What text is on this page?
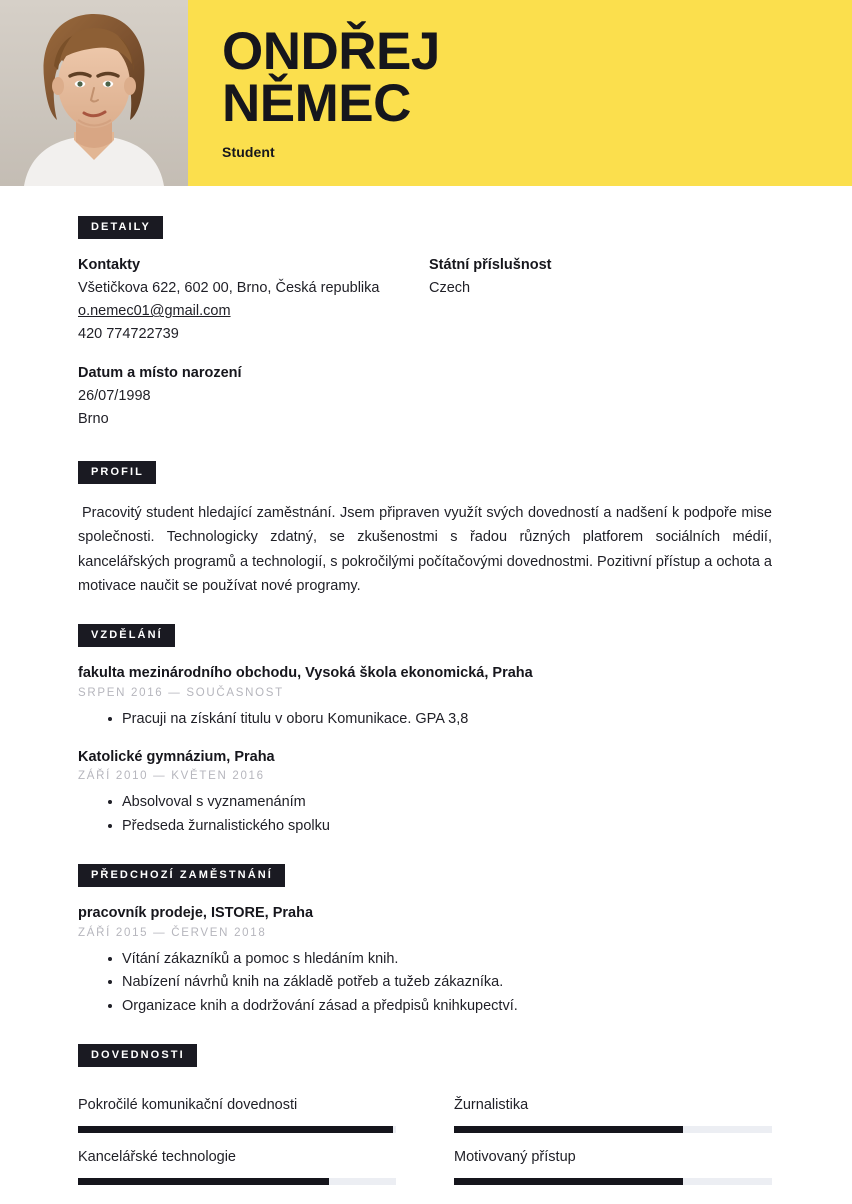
ONDŘEJ
NĚMEC
Student
DETAILY
Kontakty
Všetičkova 622, 602 00, Brno, Česká republika
o.nemec01@gmail.com
420 774722739
Datum a místo narození
26/07/1998
Brno
Státní příslušnost
Czech
PROFIL

Pracovitý student hledající zaměstnání. Jsem připraven využít svých dovedností a nadšení k podpoře mise společnosti. Technologicky zdatný, se zkušenostmi s řadou různých platforem sociálních médií, kancelářských programů a technologií, s pokročilými počítačovými dovednostmi. Pozitivní přístup a ochota a motivace naučit se používat nové programy.

VZDĚLÁNÍ
fakulta mezinárodního obchodu, Vysoká škola ekonomická, Praha
SRPEN 2016 — SOUČASNOST
Pracuji na získání titulu v oboru Komunikace. GPA 3,8
Katolické gymnázium, Praha
ZÁŘÍ 2010 — KVĚTEN 2016
Absolvoval s vyznamenáním
Předseda žurnalistického spolku
PŘEDCHOZÍ ZAMĚSTNÁNÍ
pracovník prodeje, ISTORE, Praha
ZÁŘÍ 2015 — ČERVEN 2018
Vítání zákazníků a pomoc s hledáním knih.
Nabízení návrhů knih na základě potřeb a tužeb zákazníka.
Organizace knih a dodržování zásad a předpisů knihkupectví.
DOVEDNOSTI
Pokročilé komunikační dovednosti	Žurnalistika
Kancelářské technologie	Motivovaný přístup
